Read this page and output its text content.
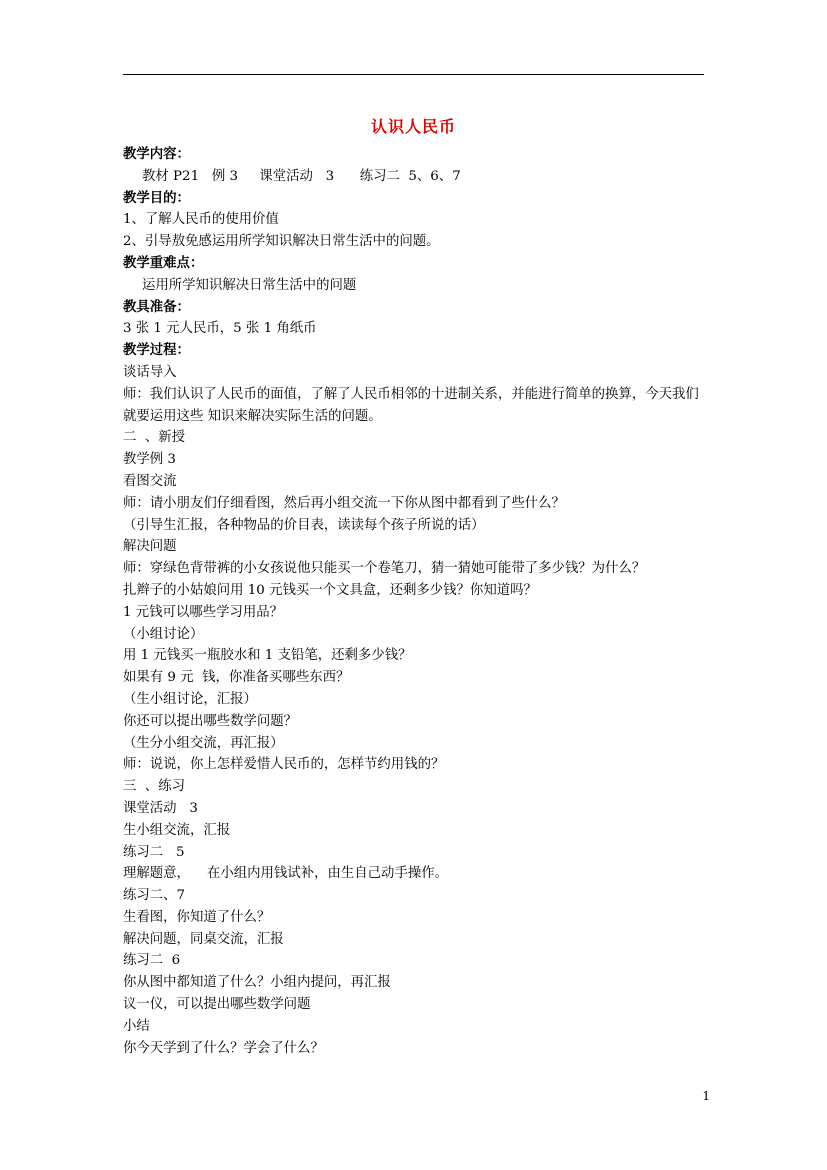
认识人民币
教学内容：
教材 P21   例 3     课堂活动   3      练习二  5、6、7
教学目的：
1、了解人民币的使用价值
2、引导敖免感运用所学知识解决日常生活中的问题。
教学重难点：
运用所学知识解决日常生活中的问题
教具准备：
3 张 1 元人民币，5 张 1 角纸币
教学过程：
谈话导入
师：我们认识了人民币的面值，了解了人民币相邻的十进制关系，并能进行简单的换算，今天我们就要运用这些 知识来解决实际生活的问题。
二  、新授
教学例 3
看图交流
师：请小朋友们仔细看图，然后再小组交流一下你从图中都看到了些什么？
（引导生汇报，各种物品的价目表，读读每个孩子所说的话）
解决问题
师：穿绿色背带裤的小女孩说他只能买一个卷笔刀，猜一猜她可能带了多少钱？为什么？
扎辫子的小姑娘问用 10 元钱买一个文具盒，还剩多少钱？你知道吗？
1 元钱可以哪些学习用品？
（小组讨论）
用 1 元钱买一瓶胶水和 1 支铅笔，还剩多少钱？
如果有 9 元  钱，你准备买哪些东西？
（生小组讨论，汇报）
你还可以提出哪些数学问题？
（生分小组交流，再汇报）
师：说说，你上怎样爱惜人民币的，怎样节约用钱的？
三  、练习
课堂活动   3
生小组交流，汇报
练习二   5
理解题意，    在小组内用钱试补，由生自己动手操作。
练习二、7
生看图，你知道了什么？
解决问题，同桌交流，汇报
练习二  6
你从图中都知道了什么？小组内提问，再汇报
议一仪，可以提出哪些数学问题
小结
你今天学到了什么？学会了什么？
1
